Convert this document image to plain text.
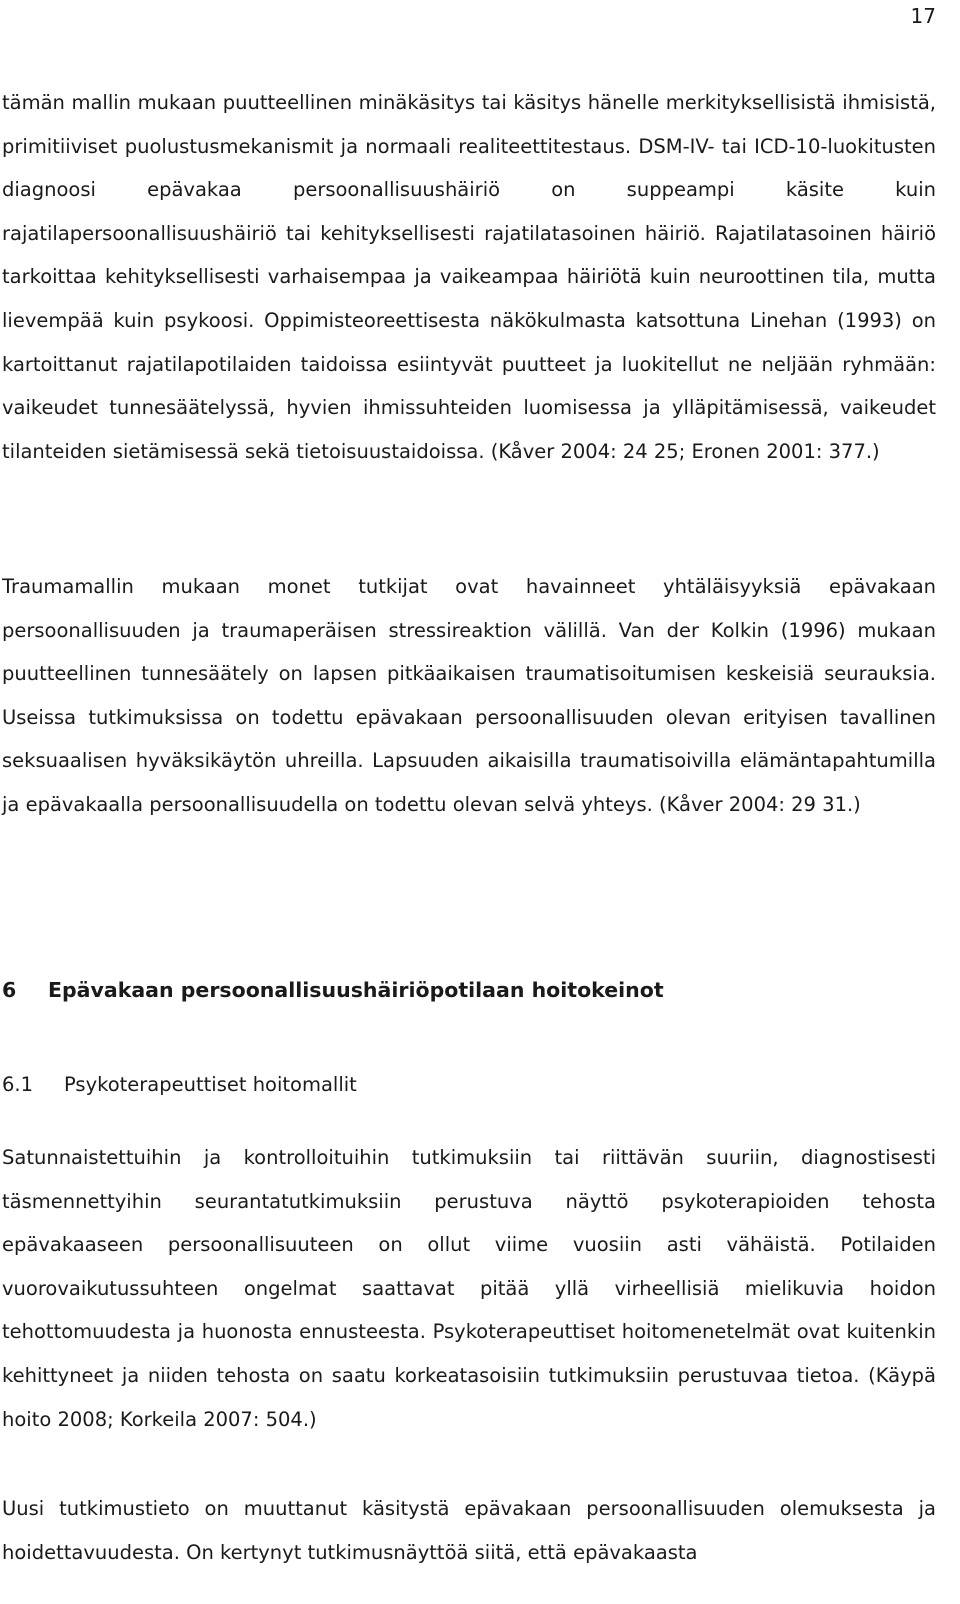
17

tämän mallin mukaan puutteellinen minäkäsitys tai käsitys hänelle merkityksellisistä ihmisistä, primitiiviset puolustusmekanismit ja normaali realiteettitestaus. DSM-IV- tai ICD-10-luokitusten diagnoosi epävakaa persoonallisuushäiriö on suppeampi käsite kuin rajatilapersoonallisuushäiriö tai kehityksellisesti rajatilatasoinen häiriö. Rajatilatasoinen häiriö tarkoittaa kehityksellisesti varhaisempaa ja vaikeampaa häiriötä kuin neuroottinen tila, mutta lievempää kuin psykoosi. Oppimisteoreettisesta näkökulmasta katsottuna Linehan (1993) on kartoittanut rajatilapotilaiden taidoissa esiintyvät puutteet ja luokitellut ne neljään ryhmään: vaikeudet tunnesäätelyssä, hyvien ihmissuhteiden luomisessa ja ylläpitämisessä, vaikeudet tilanteiden sietämisessä sekä tietoisuustaidoissa. (Kåver 2004: 24 25; Eronen 2001: 377.)

Traumamallin mukaan monet tutkijat ovat havainneet yhtäläisyyksiä epävakaan persoonallisuuden ja traumaperäisen stressireaktion välillä. Van der Kolkin (1996) mukaan puutteellinen tunnesäätely on lapsen pitkäaikaisen traumatisoitumisen keskeisiä seurauksia. Useissa tutkimuksissa on todettu epävakaan persoonallisuuden olevan erityisen tavallinen seksuaalisen hyväksikäytön uhreilla. Lapsuuden aikaisilla traumatisoivilla elämäntapahtumilla ja epävakaalla persoonallisuudella on todettu olevan selvä yhteys. (Kåver 2004: 29 31.)

6 Epävakaan persoonallisuushäiriöpotilaan hoitokeinot
6.1 Psykoterapeuttiset hoitomallit

Satunnaistettuihin ja kontrolloituihin tutkimuksiin tai riittävän suuriin, diagnostisesti täsmennettyihin seurantatutkimuksiin perustuva näyttö psykoterapioiden tehosta epävakaaseen persoonallisuuteen on ollut viime vuosiin asti vähäistä. Potilaiden vuorovaikutussuhteen ongelmat saattavat pitää yllä virheellisiä mielikuvia hoidon tehottomuudesta ja huonosta ennusteesta. Psykoterapeuttiset hoitomenetelmät ovat kuitenkin kehittyneet ja niiden tehosta on saatu korkeatasoisiin tutkimuksiin perustuvaa tietoa. (Käypä hoito 2008; Korkeila 2007: 504.)

Uusi tutkimustieto on muuttanut käsitystä epävakaan persoonallisuuden olemuksesta ja hoidettavuudesta. On kertynyt tutkimusnäyttöä siitä, että epävakaasta
